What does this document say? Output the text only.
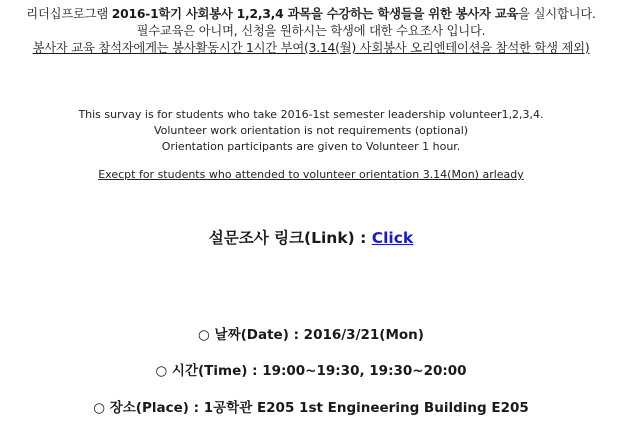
리더십프로그램 2016-1학기 사회봉사 1,2,3,4 과목을 수강하는 학생들을 위한 봉사자 교육을 실시합니다.
필수교육은 아니며, 신청을 원하시는 학생에 대한 수요조사 입니다.
봉사자 교육 참석자에게는 봉사활동시간 1시간 부여(3.14(월) 사회봉사 오리엔테이션을 참석한 학생 제외)
This survay is for students who take 2016-1st semester leadership volunteer1,2,3,4.
Volunteer work orientation is not requirements (optional)
Orientation participants are given to Volunteer 1 hour.
Execpt for students who attended to volunteer orientation 3.14(Mon) arleady
설문조사 링크(Link) : Click
○ 날짜(Date) : 2016/3/21(Mon)
○ 시간(Time) : 19:00~19:30, 19:30~20:00
○ 장소(Place) : 1공학관 E205 1st Engineering Building E205
